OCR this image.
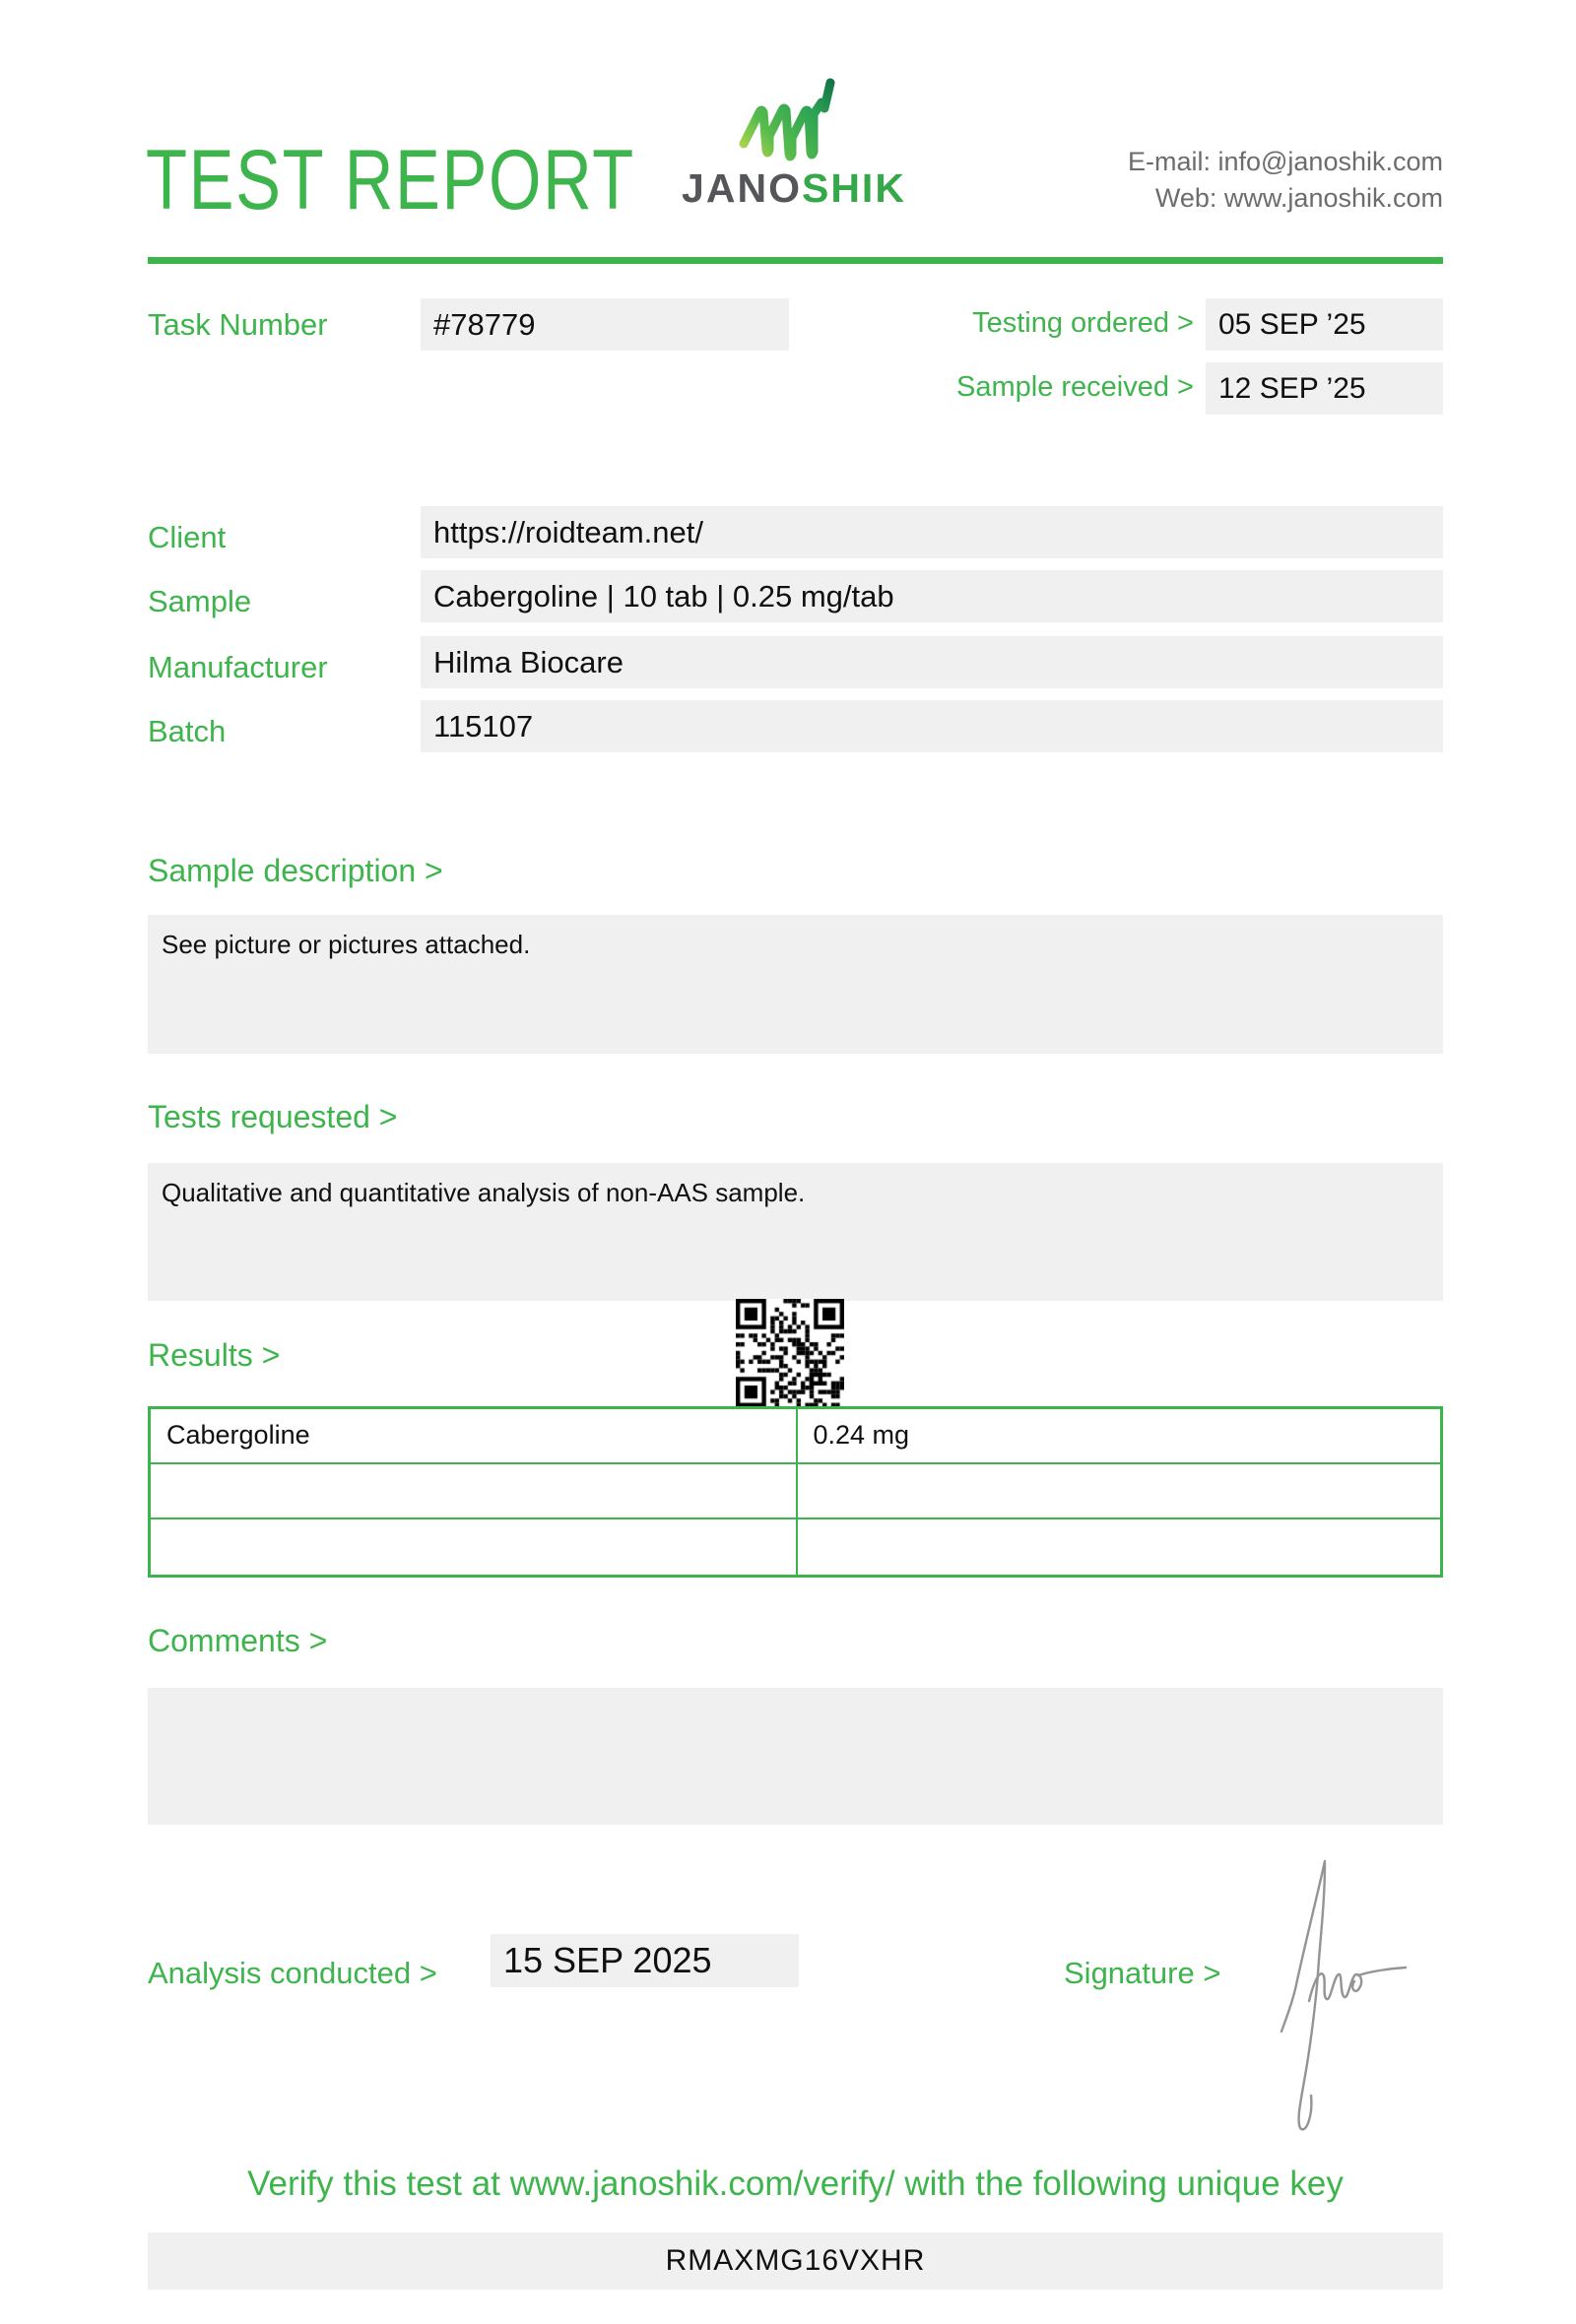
TEST REPORT JANOSHIK
E-mail: info@janoshik.com
Web: www.janoshik.com
Task Number	#78779	Testing ordered > 05 SEP ’25
Sample received > 12 SEP ’25
Client	https://roidteam.net/
Sample	Cabergoline | 10 tab | 0.25 mg/tab
Manufacturer	Hilma Biocare
Batch	115107
Sample description >
See picture or pictures attached.
Tests requested >
Qualitative and quantitative analysis of non-AAS sample.
Results >
Cabergoline	0.24 mg
Comments >
Analysis conducted >	15 SEP 2025	Signature >
Verify this test at www.janoshik.com/verify/ with the following unique key
RMAXMG16VXHR
